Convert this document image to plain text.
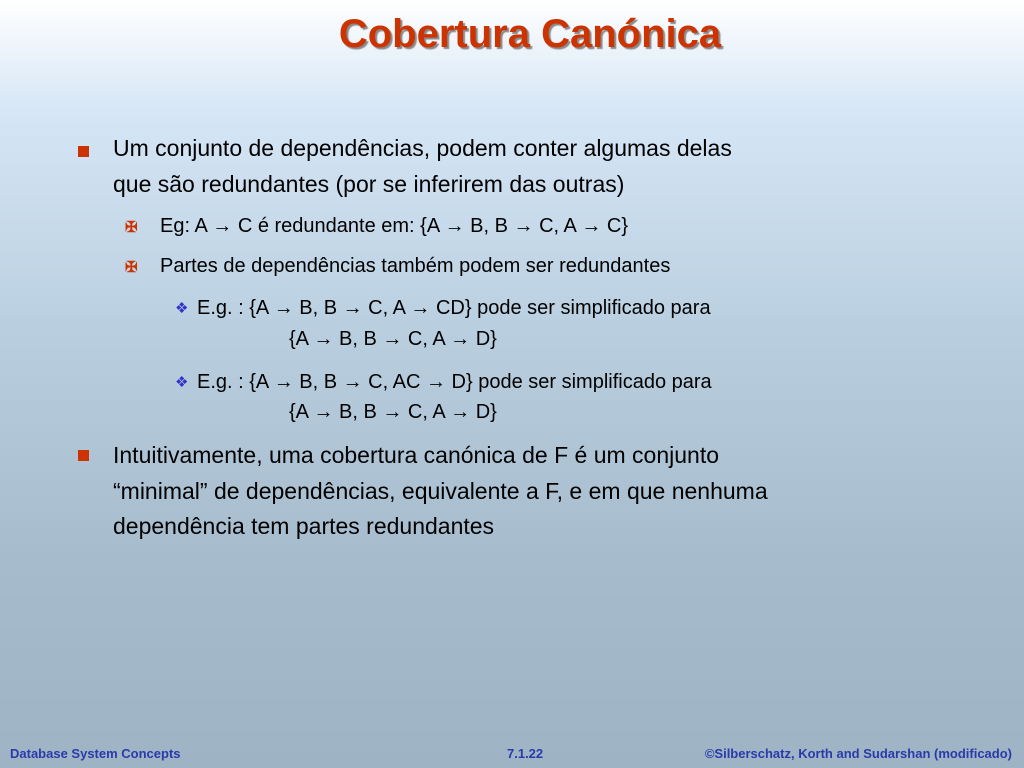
Cobertura Canónica
Um conjunto de dependências, podem conter algumas delas
que são redundantes (por se inferirem das outras)
✠ Eg: A → C é redundante em: {A → B, B → C, A → C}
✠ Partes de dependências também podem ser redundantes
❖ E.g. : {A → B, B → C, A → CD} pode ser simplificado para
{A → B, B → C, A → D}
❖ E.g. : {A → B, B → C, AC → D} pode ser simplificado para
{A → B, B → C, A → D}
Intuitivamente, uma cobertura canónica de F é um conjunto
“minimal” de dependências, equivalente a F, e em que nenhuma
dependência tem partes redundantes
Database System Concepts	7.1.22	©Silberschatz, Korth and Sudarshan (modificado)
